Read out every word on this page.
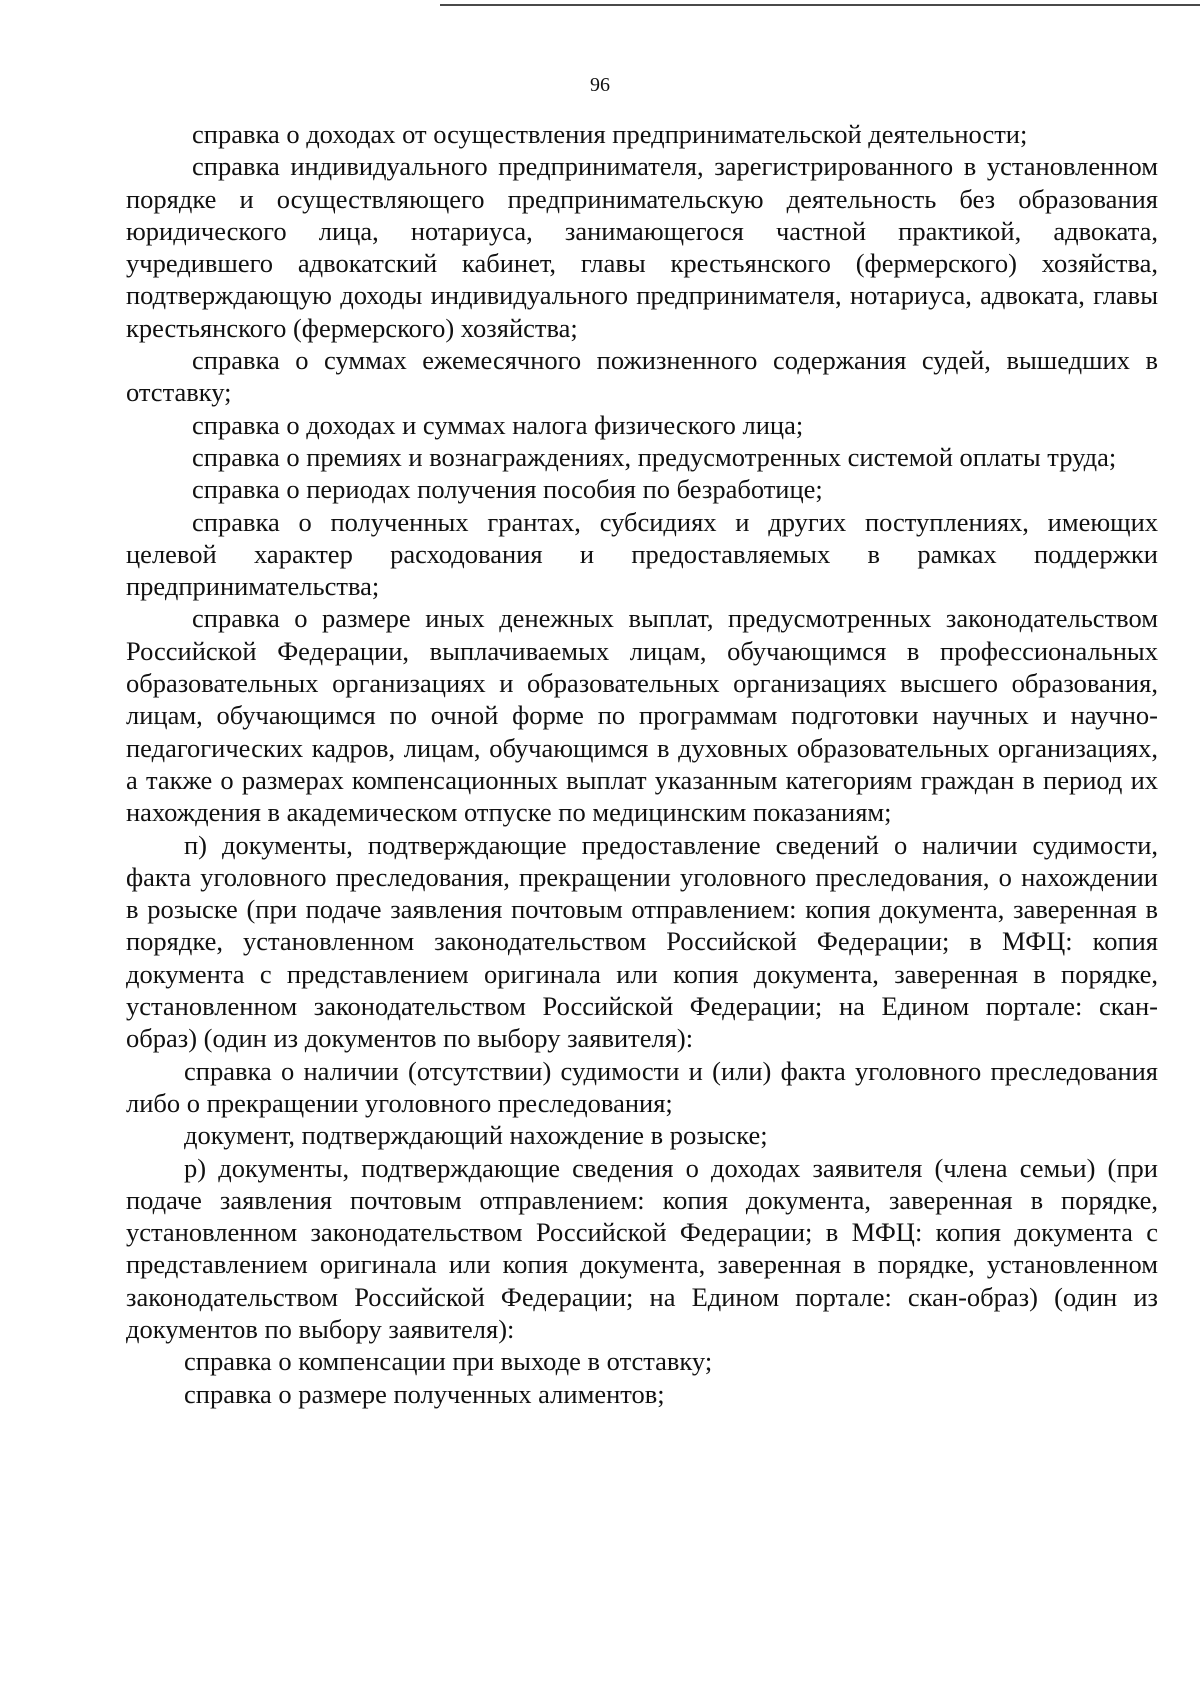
96

справка о доходах от осуществления предпринимательской деятельности;

справка индивидуального предпринимателя, зарегистрированного в установленном порядке и осуществляющего предпринимательскую деятельность без образования юридического лица, нотариуса, занимающегося частной практикой, адвоката, учредившего адвокатский кабинет, главы крестьянского (фермерского) хозяйства, подтверждающую доходы индивидуального предпринимателя, нотариуса, адвоката, главы крестьянского (фермерского) хозяйства;

справка о суммах ежемесячного пожизненного содержания судей, вышедших в отставку;

справка о доходах и суммах налога физического лица;

справка о премиях и вознаграждениях, предусмотренных системой оплаты труда;

справка о периодах получения пособия по безработице;

справка о полученных грантах, субсидиях и других поступлениях, имеющих целевой характер расходования и предоставляемых в рамках поддержки предпринимательства;

справка о размере иных денежных выплат, предусмотренных законодательством Российской Федерации, выплачиваемых лицам, обучающимся в профессиональных образовательных организациях и образовательных организациях высшего образования, лицам, обучающимся по очной форме по программам подготовки научных и научно-педагогических кадров, лицам, обучающимся в духовных образовательных организациях, а также о размерах компенсационных выплат указанным категориям граждан в период их нахождения в академическом отпуске по медицинским показаниям;

п) документы, подтверждающие предоставление сведений о наличии судимости, факта уголовного преследования, прекращении уголовного преследования, о нахождении в розыске (при подаче заявления почтовым отправлением: копия документа, заверенная в порядке, установленном законодательством Российской Федерации; в МФЦ: копия документа с представлением оригинала или копия документа, заверенная в порядке, установленном законодательством Российской Федерации; на Едином портале: скан-образ) (один из документов по выбору заявителя):

справка о наличии (отсутствии) судимости и (или) факта уголовного преследования либо о прекращении уголовного преследования;

документ, подтверждающий нахождение в розыске;

р) документы, подтверждающие сведения о доходах заявителя (члена семьи) (при подаче заявления почтовым отправлением: копия документа, заверенная в порядке, установленном законодательством Российской Федерации; в МФЦ: копия документа с представлением оригинала или копия документа, заверенная в порядке, установленном законодательством Российской Федерации; на Едином портале: скан-образ) (один из документов по выбору заявителя):

справка о компенсации при выходе в отставку;

справка о размере полученных алиментов;
